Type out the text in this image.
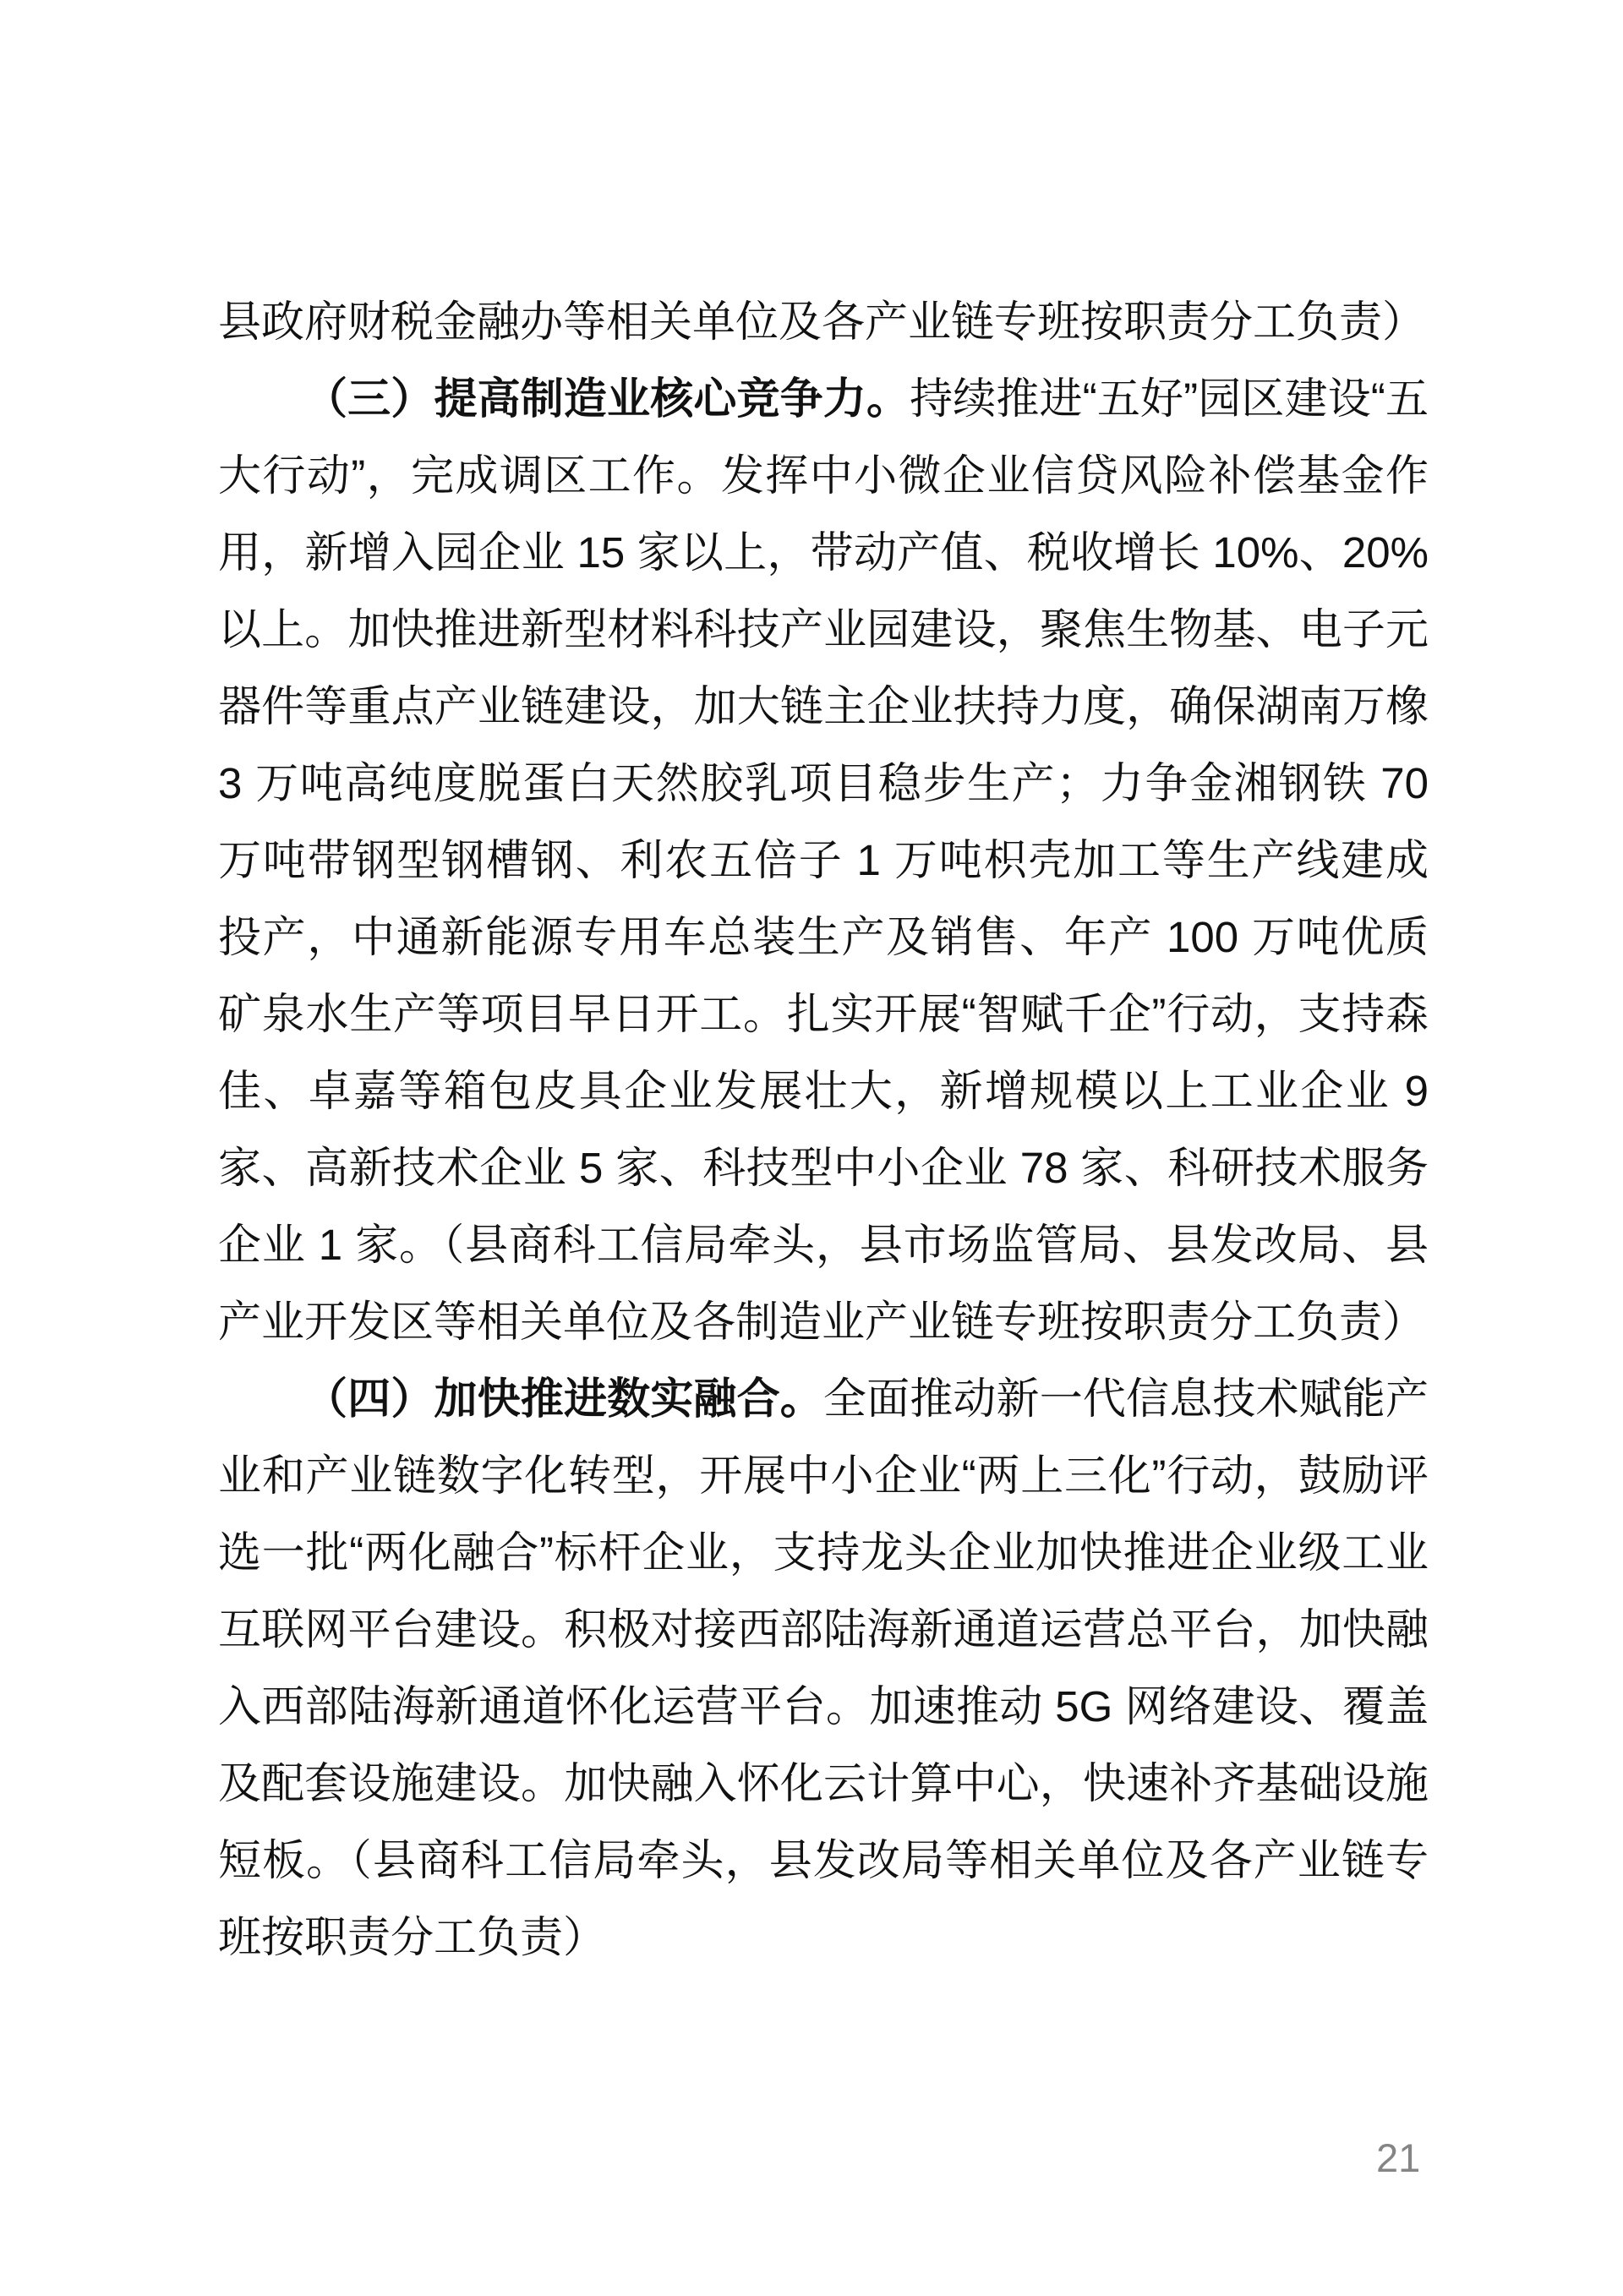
县政府财税金融办等相关单位及各产业链专班按职责分工负责）

（三）提高制造业核心竞争力。持续推进“五好”园区建设“五大行动”，完成调区工作。发挥中小微企业信贷风险补偿基金作用，新增入园企业 15 家以上，带动产值、税收增长 10%、20%以上。加快推进新型材料科技产业园建设，聚焦生物基、电子元器件等重点产业链建设，加大链主企业扶持力度，确保湖南万橡 3 万吨高纯度脱蛋白天然胶乳项目稳步生产；力争金湘钢铁 70 万吨带钢型钢槽钢、利农五倍子 1 万吨枳壳加工等生产线建成投产，中通新能源专用车总装生产及销售、年产 100 万吨优质矿泉水生产等项目早日开工。扎实开展“智赋千企”行动，支持森佳、卓嘉等箱包皮具企业发展壮大，新增规模以上工业企业 9 家、高新技术企业 5 家、科技型中小企业 78 家、科研技术服务企业 1 家。（县商科工信局牵头，县市场监管局、县发改局、县产业开发区等相关单位及各制造业产业链专班按职责分工负责）

（四）加快推进数实融合。全面推动新一代信息技术赋能产业和产业链数字化转型，开展中小企业“两上三化”行动，鼓励评选一批“两化融合”标杆企业，支持龙头企业加快推进企业级工业互联网平台建设。积极对接西部陆海新通道运营总平台，加快融入西部陆海新通道怀化运营平台。加速推动 5G 网络建设、覆盖及配套设施建设。加快融入怀化云计算中心，快速补齐基础设施短板。（县商科工信局牵头，县发改局等相关单位及各产业链专班按职责分工负责）

21
